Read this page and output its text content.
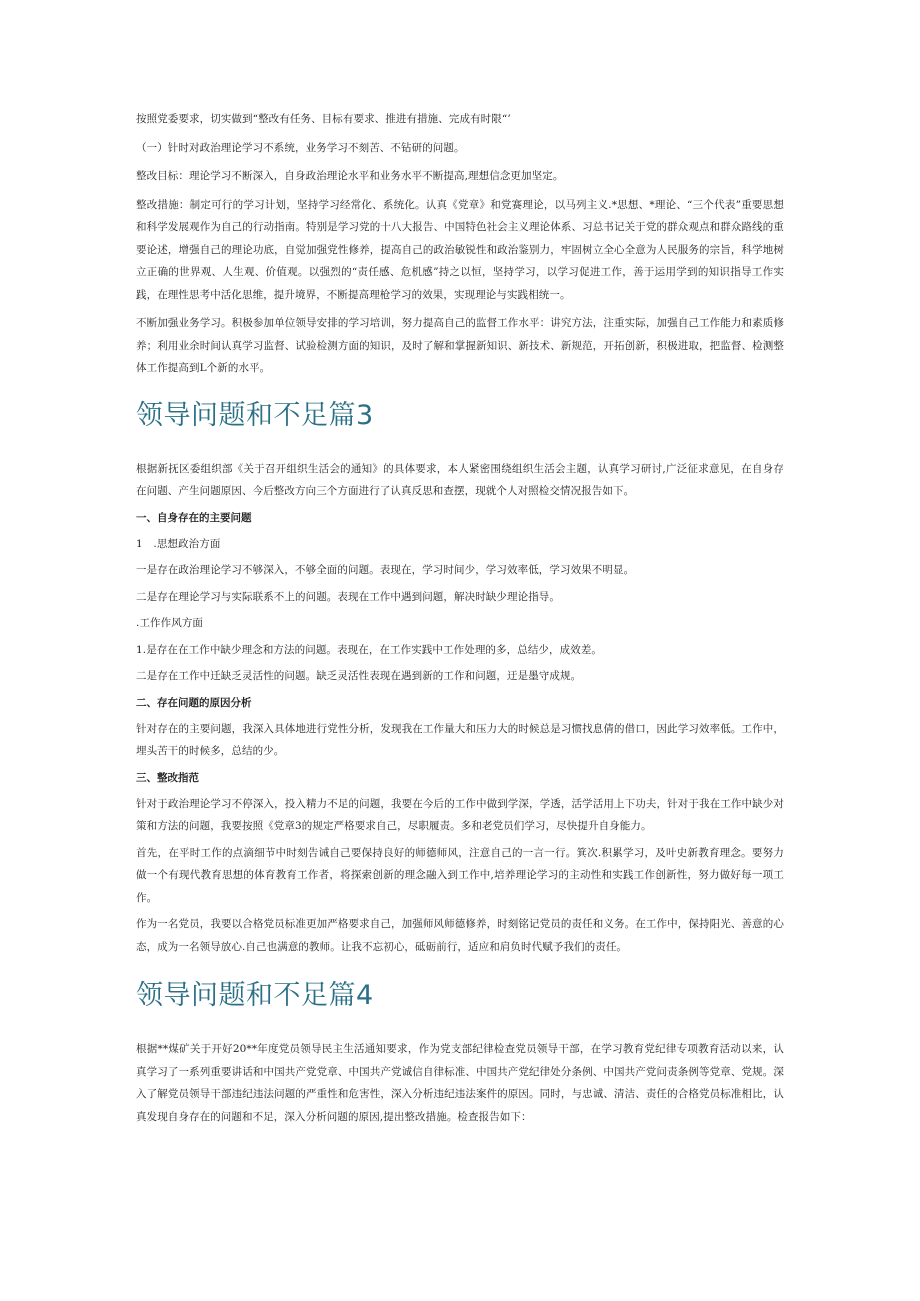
按照党委要求，切实做到“整改有任务、目标有要求、推进有措施、完成有时限“’

（一）针时对政治理论学习不系统，业务学习不刻苦、不钻研的问题。

整改目标：理论学习不断深入，自身政治理论水平和业务水平不断提高,理想信念更加坚定。

整改措施：制定可行的学习计划，坚持学习经常化、系统化。认真《党章》和党赛理论，以马列主义.*思想、*理论、“三个代表”重要思想和科学发展观作为自己的行动指南。特别是学习党的十八大报告、中国特色社会主义理论体系、习总书记关于党的群众观点和群众路线的重要论述，增强自己的理论功底，自觉加强党性修养，提高自己的政治敏锐性和政治鉴别力，牢固树立全心全意为人民服务的宗旨，科学地树立正确的世界观、人生观、价值观。以强烈的“责任感、危机感”持之以恒，坚持学习，以学习促进工作，善于运用学到的知识指导工作实践，在理性思考中活化思维，提升境界，不断提高理枪学习的效果，实现理论与实践相统一。

不断加强业务学习。积极参加单位领导安排的学习培训，努力提高自己的监督工作水平：讲究方法，注重实际，加强自己工作能力和素质修养；利用业余时间认真学习监督、试验检测方面的知识，及时了解和掌握新知识、新技术、新规范，开拓创新，积极进取，把监督、检测整体工作提高到L个新的水平。

领导问题和不足篇3

根据新抚区委组织部《关于召开组织生活会的通知》的具体要求，本人紧密围绕组织生活会主题，认真学习研讨,广泛征求意见，在自身存在问题、产生问题原因、今后整改方向三个方面进行了认真反思和查摆，现就个人对照检交情况报告如下。

一、自身存在的主要问题

1　.思想政治方面

一是存在政治理论学习不够深入，不够全面的问题。表现在，学习时间少，学习效率低，学习效果不明显。

二是存在理论学习与实际联系不上的问题。表现在工作中遇到问题，解决时缺少理论指导。

.工作作风方面

1.是存在在工作中缺少理念和方法的问题。表现在，在工作实践中工作处理的多，总结少，成效差。

二是存在工作中迁缺乏灵活性的问题。缺乏灵活性表现在遇到新的工作和问题，迂是墨守成规。

二、存在问题的原因分析

针对存在的主要问题，我深入具体地进行党性分析，发现我在工作量大和压力大的时候总是习惯找息倩的借口，因此学习效率低。工作中，埋头苦干的时候多，总结的少。

三、整改指范

针对于政治理论学习不停深入，投入精力不足的问题，我要在今后的工作中做到学深，学透，活学活用上下功夫，针对于我在工作中缺少对策和方法的问题，我要按照《党章3的规定严格要求自己，尽职履责。多和老党员们学习，尽快提升自身能力。

首先，在平时工作的点滴细节中时刻告诫自己要保持良好的师德师风，注意自己的一言一行。箕次.积累学习，及叶史新教育理念。要努力做一个有现代教育思想的体育教育工作者，将探索创新的理念融入到工作中,培养理论学习的主动性和实践工作创新性，努力做好每一项工作。

作为一名党员，我要以合格党员标准更加严格要求自己，加强师风师德修养，时刻铭记党员的责任和义务。在工作中，保持阳光、善意的心态，成为一名领导放心.自己也满意的教师。让我不忘初心，砥砺前行，适应和肩负时代赋予我们的责任。

领导问题和不足篇4

根据**煤矿关于开好20**年度党员领导民主生活通知要求，作为党支部纪律检查党员领导干部，在学习教育党纪律专项教育活动以来，认真学习了一系列重要讲话和中国共产党党章、中国共产党诚信自律标准、中国共产党纪律处分条例、中国共产党问责条例等党章、党规。深入了解党员领导干部违纪违法问题的严重性和危害性，深入分析违纪违法案件的原因。同时，与忠诚、清洁、责任的合格党员标准相比，认真发现自身存在的问题和不足，深入分析问题的原因,提出整改措施。检查报告如下：
